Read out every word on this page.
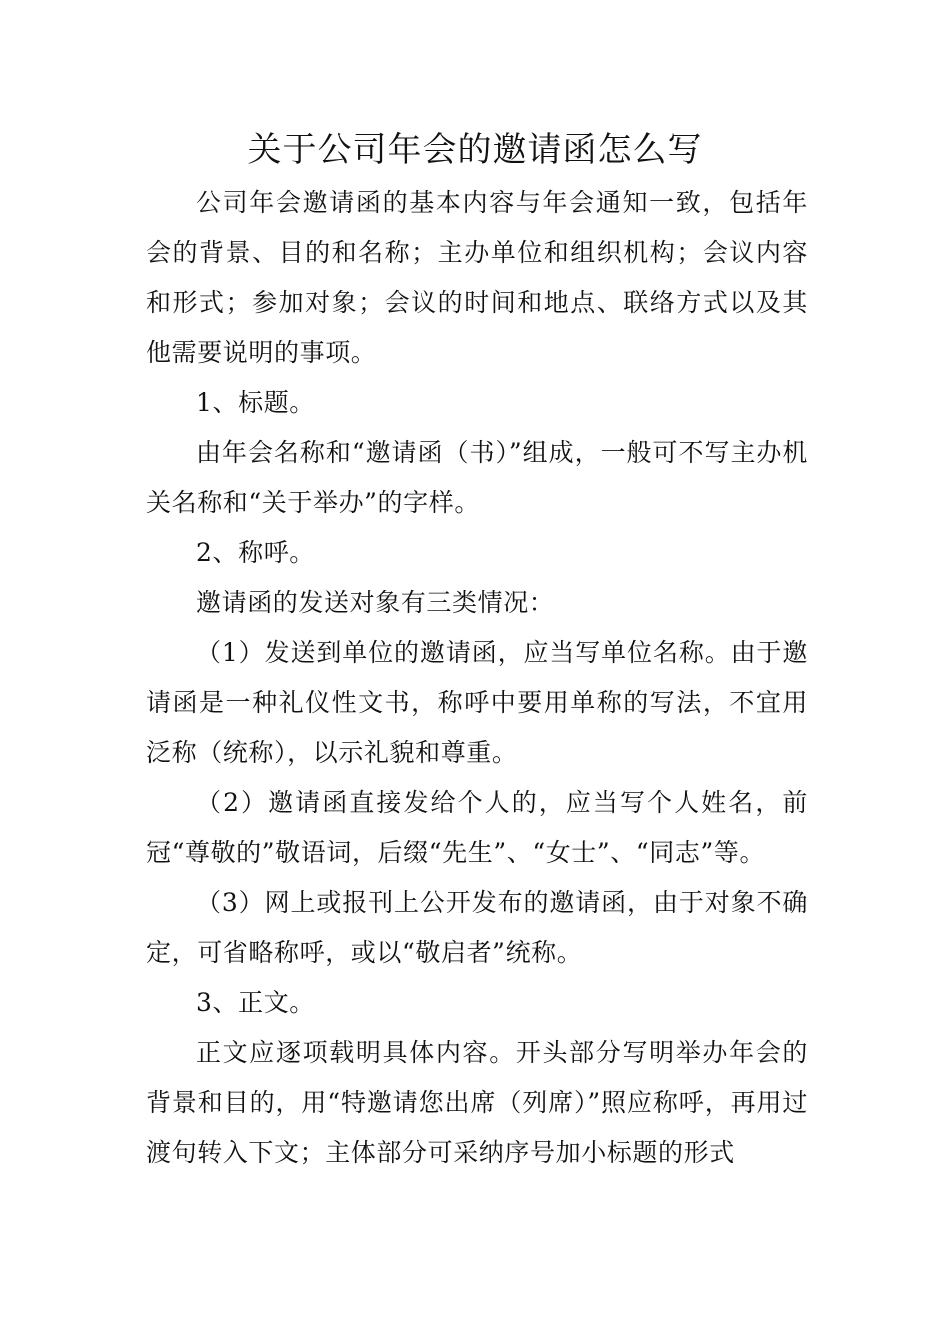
关于公司年会的邀请函怎么写

公司年会邀请函的基本内容与年会通知一致，包括年会的背景、目的和名称；主办单位和组织机构；会议内容和形式；参加对象；会议的时间和地点、联络方式以及其他需要说明的事项。

1、标题。

由年会名称和“邀请函（书）”组成，一般可不写主办机关名称和“关于举办”的字样。

2、称呼。

邀请函的发送对象有三类情况：

（1）发送到单位的邀请函，应当写单位名称。由于邀请函是一种礼仪性文书，称呼中要用单称的写法，不宜用泛称（统称），以示礼貌和尊重。

（2）邀请函直接发给个人的，应当写个人姓名，前冠“尊敬的”敬语词，后缀“先生”、“女士”、“同志”等。

（3）网上或报刊上公开发布的邀请函，由于对象不确定，可省略称呼，或以“敬启者”统称。

3、正文。

正文应逐项载明具体内容。开头部分写明举办年会的背景和目的，用“特邀请您出席（列席）”照应称呼，再用过渡句转入下文；主体部分可采纳序号加小标题的形式
